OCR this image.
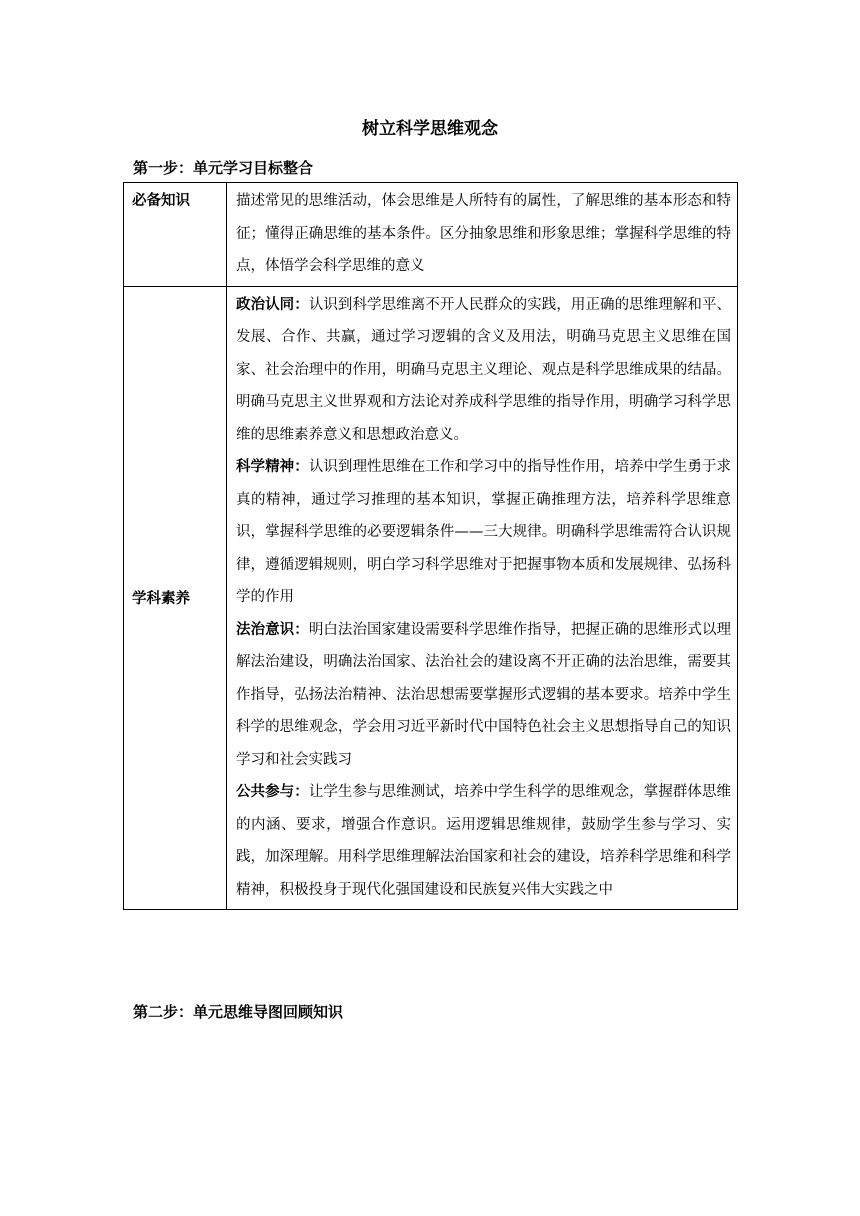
树立科学思维观念
第一步：单元学习目标整合
必备知识	描述常见的思维活动，体会思维是人所特有的属性，了解思维的基本形态和特征；懂得正确思维的基本条件。区分抽象思维和形象思维；掌握科学思维的特点，体悟学会科学思维的意义
学科素养	政治认同：认识到科学思维离不开人民群众的实践，用正确的思维理解和平、发展、合作、共赢，通过学习逻辑的含义及用法，明确马克思主义思维在国家、社会治理中的作用，明确马克思主义理论、观点是科学思维成果的结晶。明确马克思主义世界观和方法论对养成科学思维的指导作用，明确学习科学思维的思维素养意义和思想政治意义。

科学精神：认识到理性思维在工作和学习中的指导性作用，培养中学生勇于求真的精神，通过学习推理的基本知识，掌握正确推理方法，培养科学思维意识，掌握科学思维的必要逻辑条件——三大规律。明确科学思维需符合认识规律，遵循逻辑规则，明白学习科学思维对于把握事物本质和发展规律、弘扬科学的作用

法治意识：明白法治国家建设需要科学思维作指导，把握正确的思维形式以理解法治建设，明确法治国家、法治社会的建设离不开正确的法治思维，需要其作指导，弘扬法治精神、法治思想需要掌握形式逻辑的基本要求。培养中学生科学的思维观念，学会用习近平新时代中国特色社会主义思想指导自己的知识学习和社会实践习

公共参与：让学生参与思维测试，培养中学生科学的思维观念，掌握群体思维的内涵、要求，增强合作意识。运用逻辑思维规律，鼓励学生参与学习、实践，加深理解。用科学思维理解法治国家和社会的建设，培养科学思维和科学精神，积极投身于现代化强国建设和民族复兴伟大实践之中

第二步：单元思维导图回顾知识
